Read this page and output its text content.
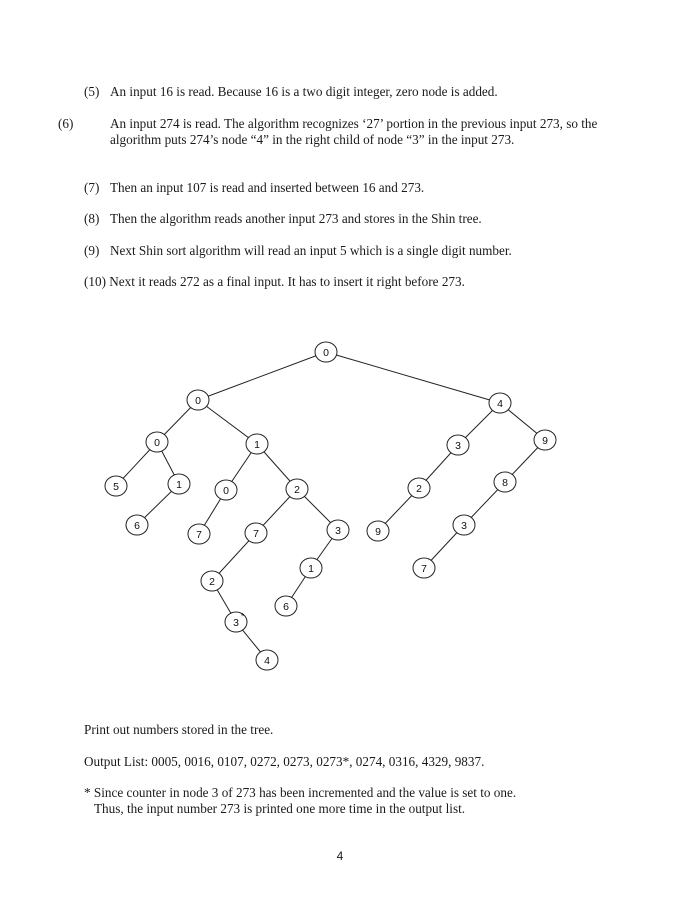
(5) An input 16 is read. Because 16 is a two digit integer, zero node is added.
(6)	An input 274 is read. The algorithm recognizes ‘27’ portion in the previous input 273, so the algorithm puts 274’s node “4” in the right child of node “3” in the input 273.
(7) Then an input 107 is read and inserted between 16 and 273.
(8) Then the algorithm reads another input 273 and stores in the Shin tree.
(9) Next Shin sort algorithm will read an input 5 which is a single digit number.
(10) Next it reads 272 as a final input. It has to insert it right before 273.
0
0	4
0	1
5	1
6
0
7
2
7	3
2
3
*
4
1
6
3	9
2
9
8
3
7
Print out numbers stored in the tree.
Output List: 0005, 0016, 0107, 0272, 0273, 0273*, 0274, 0316, 4329, 9837.
* Since counter in node 3 of 273 has been incremented and the value is set to one.
Thus, the input number 273 is printed one more time in the output list.
4
